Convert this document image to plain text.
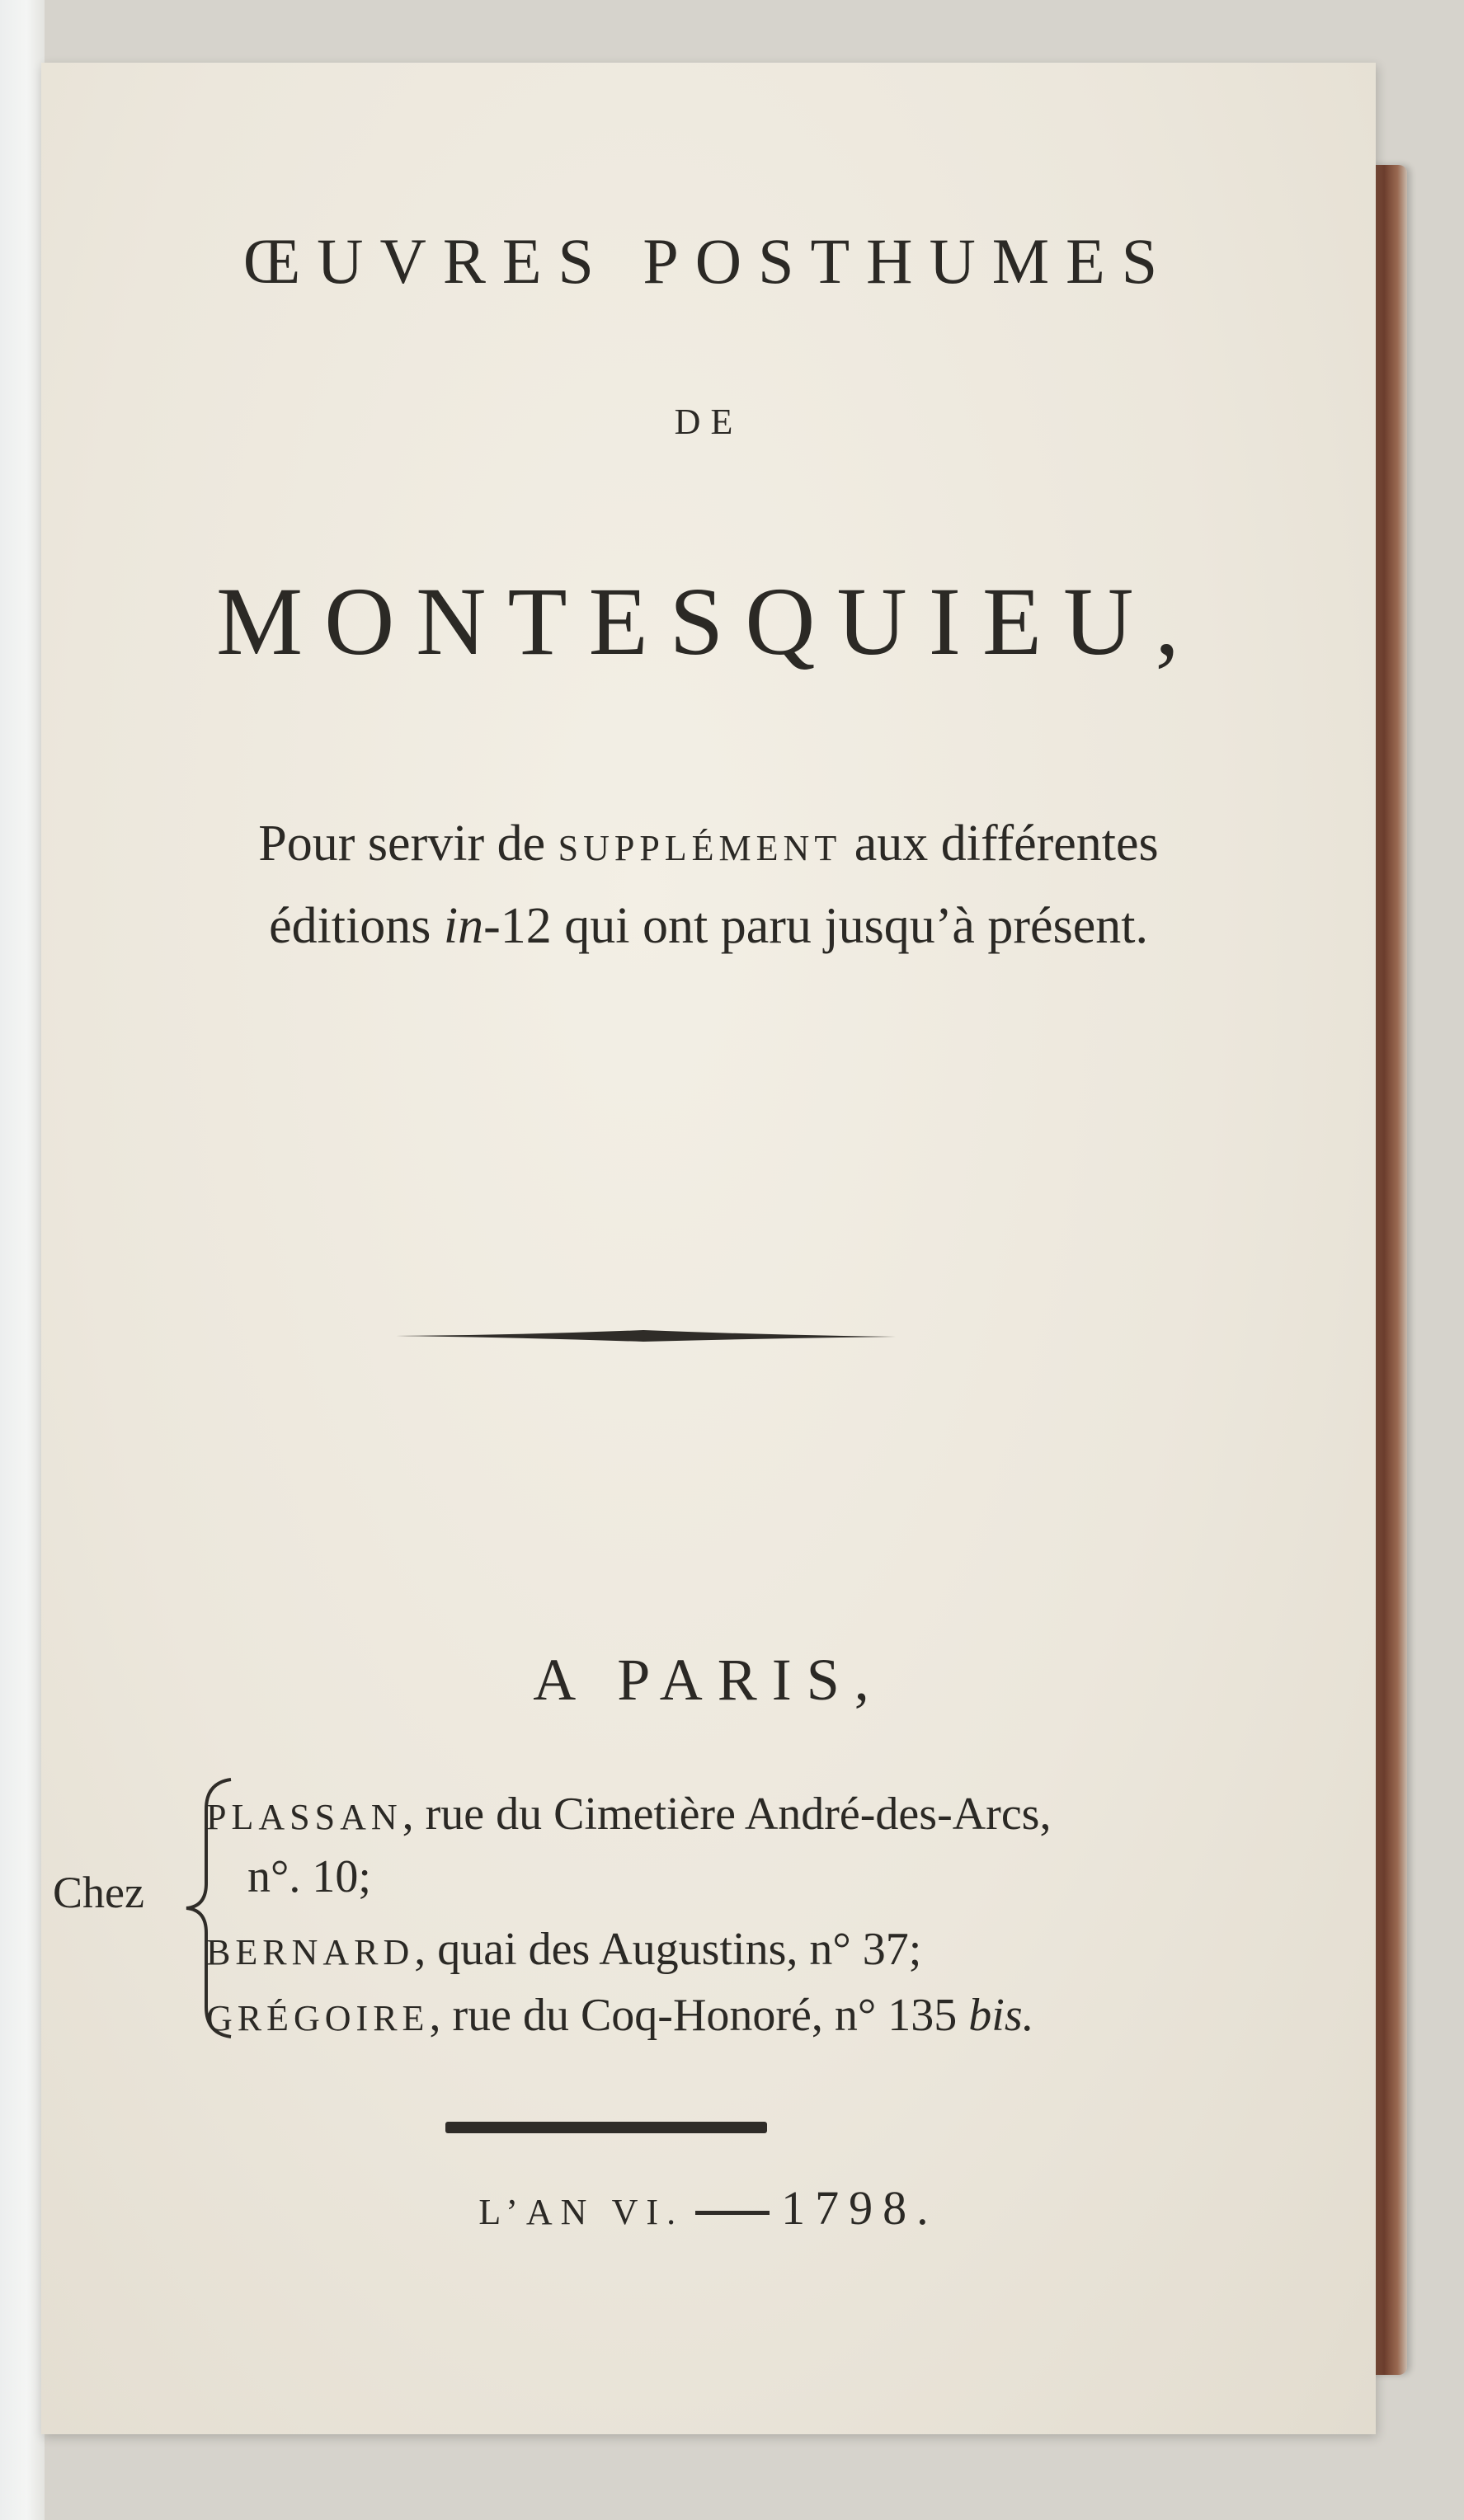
ŒUVRES POSTHUMES
DE
MONTESQUIEU,
Pour servir de SUPPLÉMENT aux différentes
éditions in-12 qui ont paru jusqu’à présent.
A PARIS,
Chez
PLASSAN, rue du Cimetière André-des-Arcs,
n°. 10;
BERNARD, quai des Augustins, n° 37;
GRÉGOIRE, rue du Coq-Honoré, n° 135 bis.
L’AN VI. 1798.
